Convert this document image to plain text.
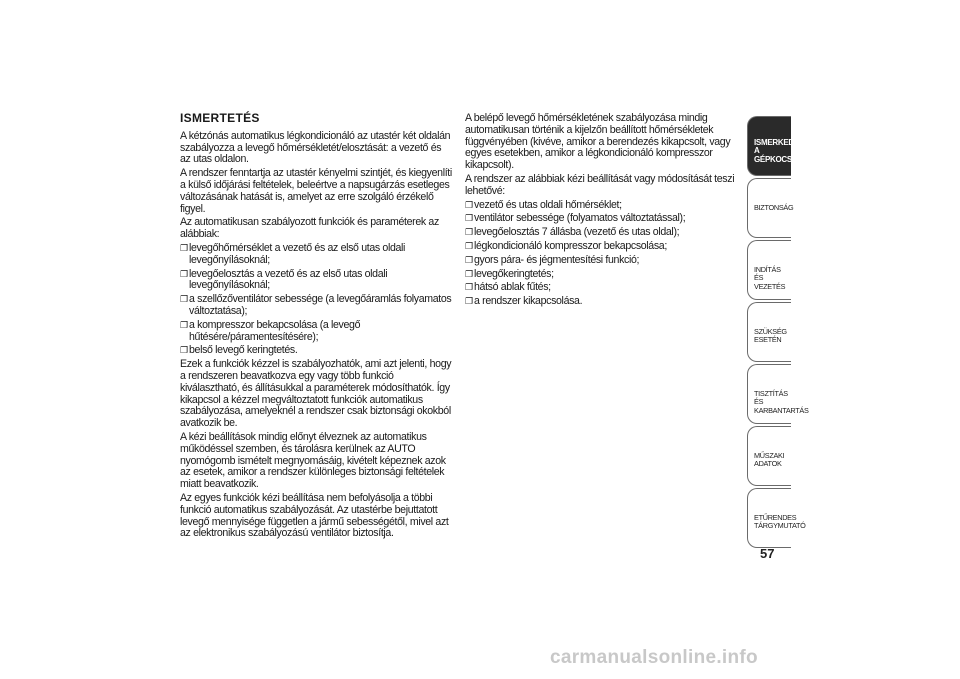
ISMERTETÉS
A kétzónás automatikus légkondicionáló az utastér két oldalán szabályozza a levegő hőmérsékletét/elosztását: a vezető és az utas oldalon.
A rendszer fenntartja az utastér kényelmi szintjét, és kiegyenlíti a külső időjárási feltételek, beleértve a napsugárzás esetleges változásának hatását is, amelyet az erre szolgáló érzékelő figyel.
Az automatikusan szabályozott funkciók és paraméterek az alábbiak:
❐ levegőhőmérséklet a vezető és az első utas oldali levegőnyílásoknál;
❐ levegőelosztás a vezető és az első utas oldali levegőnyílásoknál;
❐ a szellőzőventilátor sebessége (a levegőáramlás folyamatos változtatása);
❐ a kompresszor bekapcsolása (a levegő hűtésére/páramentesítésére);
❐ belső levegő keringtetés.
Ezek a funkciók kézzel is szabályozhatók, ami azt jelenti, hogy a rendszeren beavatkozva egy vagy több funkció kiválasztható, és állításukkal a paraméterek módosíthatók. Így kikapcsol a kézzel megváltoztatott funkciók automatikus szabályozása, amelyeknél a rendszer csak biztonsági okokból avatkozik be.
A kézi beállítások mindig előnyt élveznek az automatikus működéssel szemben, és tárolásra kerülnek az AUTO nyomógomb ismételt megnyomásáig, kivételt képeznek azok az esetek, amikor a rendszer különleges biztonsági feltételek miatt beavatkozik.
Az egyes funkciók kézi beállítása nem befolyásolja a többi funkció automatikus szabályozását. Az utastérbe bejuttatott levegő mennyisége független a jármű sebességétől, mivel azt az elektronikus szabályozású ventilátor biztosítja.
A belépő levegő hőmérsékletének szabályozása mindig automatikusan történik a kijelzőn beállított hőmérsékletek függvényében (kivéve, amikor a berendezés kikapcsolt, vagy egyes esetekben, amikor a légkondicionáló kompresszor kikapcsolt).
A rendszer az alábbiak kézi beállítását vagy módosítását teszi lehetővé:
❐ vezető és utas oldali hőmérséklet;
❐ ventilátor sebessége (folyamatos változtatással);
❐ levegőelosztás 7 állásba (vezető és utas oldal);
❐ légkondicionáló kompresszor bekapcsolása;
❐ gyors pára- és jégmentesítési funkció;
❐ levegőkeringtetés;
❐ hátsó ablak fűtés;
❐ a rendszer kikapcsolása.
ISMERKEDÉS A GÉPKOCSIVAL
BIZTONSÁG
INDÍTÁS ÉS VEZETÉS
SZÜKSÉG ESETÉN
TISZTÍTÁS ÉS KARBANTARTÁS
MŰSZAKI ADATOK
ETŰRENDES TÁRGYMUTATÓ
57
carmanualsonline.info
